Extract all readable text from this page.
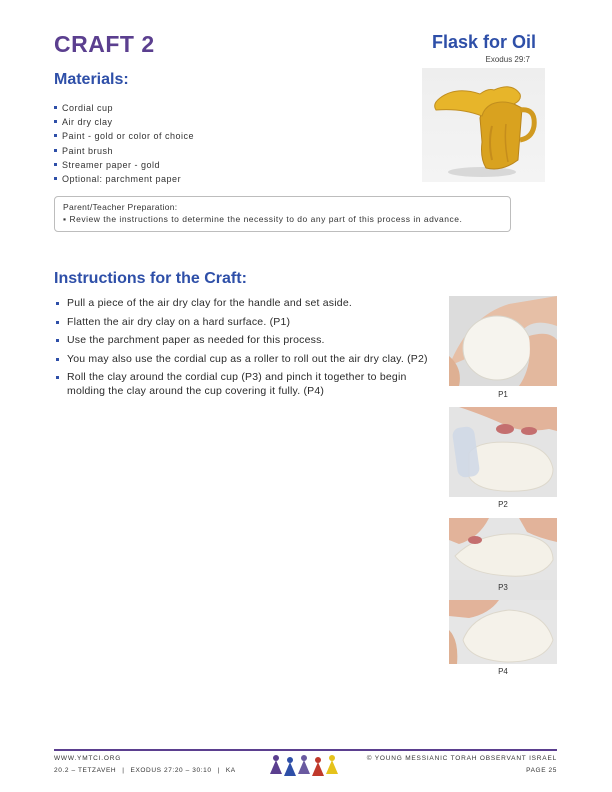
CRAFT 2	Flask for Oil
Exodus 29:7
Materials:
Cordial cup
Air dry clay
Paint - gold or color of choice
Paint brush
Streamer paper - gold
Optional: parchment paper
Parent/Teacher Preparation:
▪ Review the instructions to determine the necessity to do any part of this process in advance.
Instructions for the Craft:
Pull a piece of the air dry clay for the handle and set aside.
Flatten the air dry clay on a hard surface. (P1)
Use the parchment paper as needed for this process.
You may also use the cordial cup as a roller to roll out the air dry clay. (P2)
Roll the clay around the cordial cup (P3) and pinch it together to begin molding the clay around the cup covering it fully. (P4)	P1
P2
P3
P4
WWW.YMTCI.ORG
20.2 – TETZAVEH | EXODUS 27:20 – 30:10 | KA
© YOUNG MESSIANIC TORAH OBSERVANT ISRAEL
PAGE 25
